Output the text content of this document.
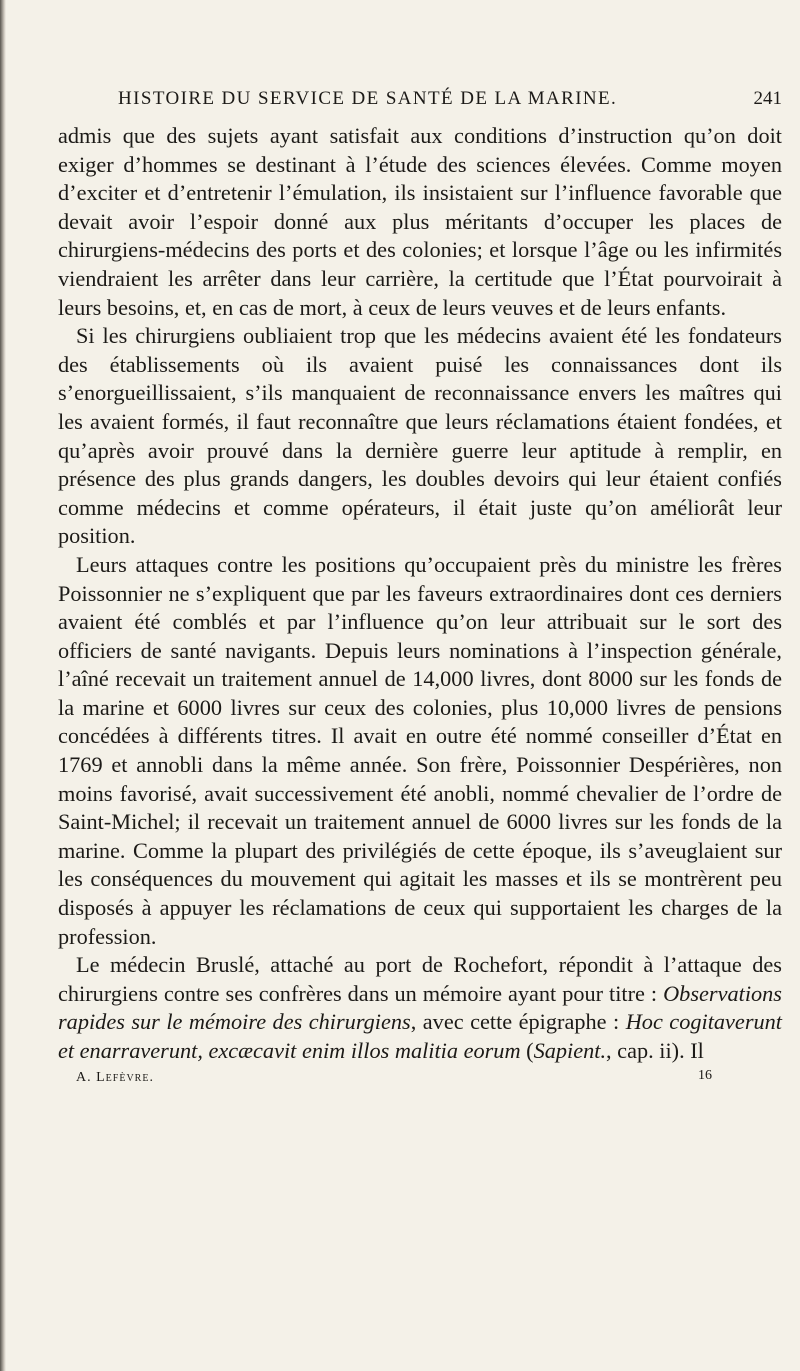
HISTOIRE DU SERVICE DE SANTÉ DE LA MARINE.	241

admis que des sujets ayant satisfait aux conditions d’instruction qu’on doit exiger d’hommes se destinant à l’étude des sciences élevées. Comme moyen d’exciter et d’entretenir l’émulation, ils insistaient sur l’influence favorable que devait avoir l’espoir donné aux plus méritants d’occuper les places de chirurgiens-médecins des ports et des colonies; et lorsque l’âge ou les infirmités viendraient les arrêter dans leur carrière, la certitude que l’État pourvoirait à leurs besoins, et, en cas de mort, à ceux de leurs veuves et de leurs enfants.

Si les chirurgiens oubliaient trop que les médecins avaient été les fondateurs des établissements où ils avaient puisé les connaissances dont ils s’enorgueillissaient, s’ils manquaient de reconnaissance envers les maîtres qui les avaient formés, il faut reconnaître que leurs réclamations étaient fondées, et qu’après avoir prouvé dans la dernière guerre leur aptitude à remplir, en présence des plus grands dangers, les doubles devoirs qui leur étaient confiés comme médecins et comme opérateurs, il était juste qu’on améliorât leur position.

Leurs attaques contre les positions qu’occupaient près du ministre les frères Poissonnier ne s’expliquent que par les faveurs extraordinaires dont ces derniers avaient été comblés et par l’influence qu’on leur attribuait sur le sort des officiers de santé navigants. Depuis leurs nominations à l’inspection générale, l’aîné recevait un traitement annuel de 14,000 livres, dont 8000 sur les fonds de la marine et 6000 livres sur ceux des colonies, plus 10,000 livres de pensions concédées à différents titres. Il avait en outre été nommé conseiller d’État en 1769 et annobli dans la même année. Son frère, Poissonnier Despérières, non moins favorisé, avait successivement été anobli, nommé chevalier de l’ordre de Saint-Michel; il recevait un traitement annuel de 6000 livres sur les fonds de la marine. Comme la plupart des privilégiés de cette époque, ils s’aveuglaient sur les conséquences du mouvement qui agitait les masses et ils se montrèrent peu disposés à appuyer les réclamations de ceux qui supportaient les charges de la profession.

Le médecin Bruslé, attaché au port de Rochefort, répondit à l’attaque des chirurgiens contre ses confrères dans un mémoire ayant pour titre : Observations rapides sur le mémoire des chirurgiens, avec cette épigraphe : Hoc cogitaverunt et enarraverunt, excæcavit enim illos malitia eorum (Sapient., cap. ii). Il

A. Lefèvre.	16
